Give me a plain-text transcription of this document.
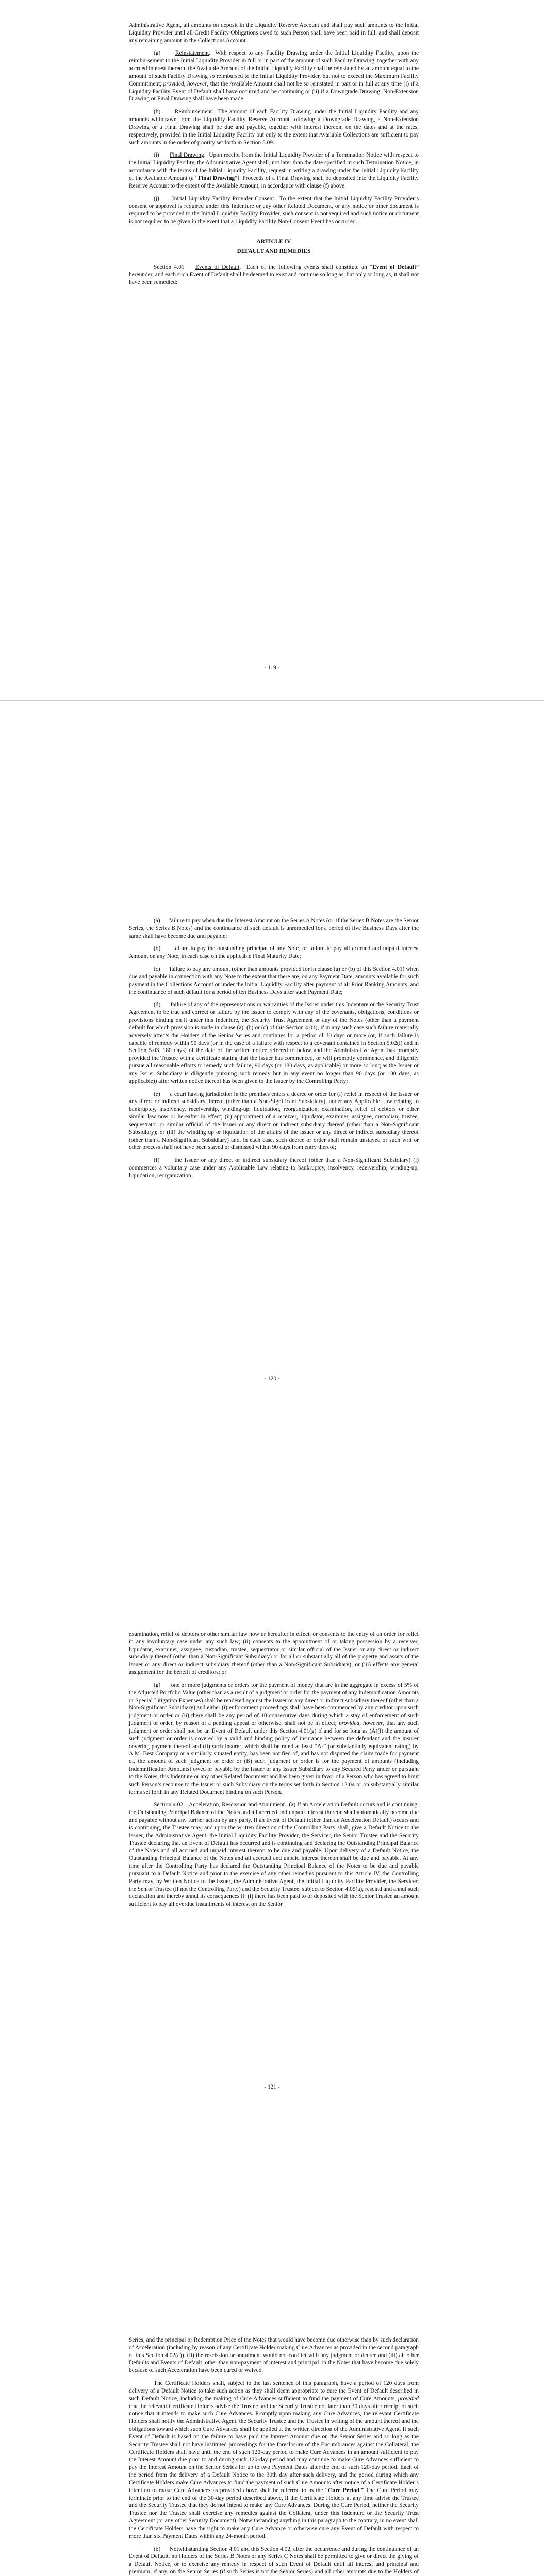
Administrative Agent, all amounts on deposit in the Liquidity Reserve Account and shall pay such amounts to the Initial Liquidity Provider until all Credit Facility Obligations owed to such Person shall have been paid in full, and shall deposit any remaining amount in the Collections Account.

(g)	Reinstatement.  With respect to any Facility Drawing under the Initial Liquidity Facility, upon the reimbursement to the Initial Liquidity Provider in full or in part of the amount of such Facility Drawing, together with any accrued interest thereon, the Available Amount of the Initial Liquidity Facility shall be reinstated by an amount equal to the amount of such Facility Drawing so reimbursed to the Initial Liquidity Provider, but not to exceed the Maximum Facility Commitment; provided, however, that the Available Amount shall not be so reinstated in part or in full at any time (i) if a Liquidity Facility Event of Default shall have occurred and be continuing or (ii) if a Downgrade Drawing, Non-Extension Drawing or Final Drawing shall have been made.

(h) Reimbursement.  The amount of each Facility Drawing under the Initial Liquidity Facility and any amounts withdrawn from the Liquidity Facility Reserve Account following a Downgrade Drawing, a Non-Extension Drawing or a Final Drawing shall be due and payable, together with interest thereon, on the dates and at the rates, respectively, provided in the Initial Liquidity Facility but only to the extent that Available Collections are sufficient to pay such amounts in the order of priority set forth in Section 3.09.

(i) Final Drawing.  Upon receipt from the Initial Liquidity Provider of a Termination Notice with respect to the Initial Liquidity Facility, the Administrative Agent shall, not later than the date specified in such Termination Notice, in accordance with the terms of the Initial Liquidity Facility, request in writing a drawing under the Initial Liquidity Facility of the Available Amount (a “Final Drawing”). Proceeds of a Final Drawing shall be deposited into the Liquidity Facility Reserve Account to the extent of the Available Amount, in accordance with clause (f) above.

(j) Initial Liquidity Facility Provider Consent.  To the extent that the Initial Liquidity Facility Provider’s consent or approval is required under this Indenture or any other Related Document, or any notice or other document is required to be provided to the Initial Liquidity Facility Provider, such consent is not required and such notice or document is not required to be given in the event that a Liquidity Facility Non-Consent Event has occurred.

ARTICLE IV
DEFAULT AND REMEDIES

Section 4.01 Events of Default.  Each of the following events shall constitute an “Event of Default” hereunder, and each such Event of Default shall be deemed to exist and continue so long as, but only so long as, it shall not have been remedied:

- 119 -

(a) failure to pay when due the Interest Amount on the Series A Notes (or, if the Series B Notes are the Senior Series, the Series B Notes) and the continuance of such default is unremedied for a period of five Business Days after the same shall have become due and payable;

(b) failure to pay the outstanding principal of any Note, or failure to pay all accrued and unpaid Interest Amount on any Note, in each case on the applicable Final Maturity Date;

(c) failure to pay any amount (other than amounts provided for in clause (a) or (b) of this Section 4.01) when due and payable in connection with any Note to the extent that there are, on any Payment Date, amounts available for such payment in the Collections Account or under the Initial Liquidity Facility after payment of all Prior Ranking Amounts, and the continuance of such default for a period of ten Business Days after such Payment Date;

(d) failure of any of the representations or warranties of the Issuer under this Indenture or the Security Trust Agreement to be true and correct or failure by the Issuer to comply with any of the covenants, obligations, conditions or provisions binding on it under this Indenture, the Security Trust Agreement or any of the Notes (other than a payment default for which provision is made in clause (a), (b) or (c) of this Section 4.01), if in any such case such failure materially adversely affects the Holders of the Senior Series and continues for a period of 30 days or more (or, if such failure is capable of remedy within 90 days (or in the case of a failure with respect to a covenant contained in Section 5.02(i) and in Section 5.03, 180 days) of the date of the written notice referred to below and the Administrative Agent has promptly provided the Trustee with a certificate stating that the Issuer has commenced, or will promptly commence, and diligently pursue all reasonable efforts to remedy such failure, 90 days (or 180 days, as applicable) or more so long as the Issuer or any Issuer Subsidiary is diligently pursuing such remedy but in any event no longer than 90 days (or 180 days, as applicable)) after written notice thereof has been given to the Issuer by the Controlling Party;

(e) a court having jurisdiction in the premises enters a decree or order for (i) relief in respect of the Issuer or any direct or indirect subsidiary thereof (other than a Non-Significant Subsidiary), under any Applicable Law relating to bankruptcy, insolvency, receivership, winding-up, liquidation, reorganization, examination, relief of debtors or other similar law now or hereafter in effect; (ii) appointment of a receiver, liquidator, examiner, assignee, custodian, trustee, sequestrator or similar official of the Issuer or any direct or indirect subsidiary thereof (other than a Non-Significant Subsidiary); or (iii) the winding up or liquidation of the affairs of the Issuer or any direct or indirect subsidiary thereof (other than a Non-Significant Subsidiary) and, in each case, such decree or order shall remain unstayed or such writ or other process shall not have been stayed or dismissed within 90 days from entry thereof;

(f)	the Issuer or any direct or indirect subsidiary thereof (other than a Non-Significant Subsidiary) (i) commences a voluntary case under any Applicable Law relating to bankruptcy, insolvency, receivership, winding-up, liquidation, reorganization,

- 120 -

examination, relief of debtors or other similar law now or hereafter in effect, or consents to the entry of an order for relief in any involuntary case under any such law; (ii) consents to the appointment of or taking possession by a receiver, liquidator, examiner, assignee, custodian, trustee, sequestrator or similar official of the Issuer or any direct or indirect subsidiary thereof (other than a Non-Significant Subsidiary) or for all or substantially all of the property and assets of the Issuer or any direct or indirect subsidiary thereof (other than a Non-Significant Subsidiary); or (iii) effects any general assignment for the benefit of creditors; or

(g) one or more judgments or orders for the payment of money that are in the aggregate in excess of 5% of the Adjusted Portfolio Value (other than as a result of a judgment or order for the payment of any Indemnification Amounts or Special Litigation Expenses) shall be rendered against the Issuer or any direct or indirect subsidiary thereof (other than a Non-Significant Subsidiary) and either (i) enforcement proceedings shall have been commenced by any creditor upon such judgment or order or (ii) there shall be any period of 10 consecutive days during which a stay of enforcement of such judgment or order, by reason of a pending appeal or otherwise, shall not be in effect; provided, however, that any such judgment or order shall not be an Event of Default under this Section 4.01(g) if and for so long as (A)(i) the amount of such judgment or order is covered by a valid and binding policy of insurance between the defendant and the insurer covering payment thereof and (ii) such insurer, which shall be rated at least “A-” (or substantially equivalent rating) by A.M. Best Company or a similarly situated entity, has been notified of, and has not disputed the claim made for payment of, the amount of such judgment or order or (B) such judgment or order is for the payment of amounts (including Indemnification Amounts) owed or payable by the Issuer or any Issuer Subsidiary to any Secured Party under or pursuant to the Notes, this Indenture or any other Related Document and has been given in favor of a Person who has agreed to limit such Person’s recourse to the Issuer or such Subsidiary on the terms set forth in Section 12.04 or on substantially similar terms set forth in any Related Document binding on such Person.

Section 4.02 Acceleration, Rescission and Annulment.  (a) If an Acceleration Default occurs and is continuing, the Outstanding Principal Balance of the Notes and all accrued and unpaid interest thereon shall automatically become due and payable without any further action by any party. If an Event of Default (other than an Acceleration Default) occurs and is continuing, the Trustee may, and upon the written direction of the Controlling Party shall, give a Default Notice to the Issuer, the Administrative Agent, the Initial Liquidity Facility Provider, the Servicer, the Senior Trustee and the Security Trustee declaring that an Event of Default has occurred and is continuing and declaring the Outstanding Principal Balance of the Notes and all accrued and unpaid interest thereon to be due and payable. Upon delivery of a Default Notice, the Outstanding Principal Balance of the Notes and all accrued and unpaid interest thereon shall be due and payable. At any time after the Controlling Party has declared the Outstanding Principal Balance of the Notes to be due and payable pursuant to a Default Notice and prior to the exercise of any other remedies pursuant to this Article IV, the Controlling Party may, by Written Notice to the Issuer, the Administrative Agent, the Initial Liquidity Facility Provider, the Servicer, the Senior Trustee (if not the Controlling Party) and the Security Trustee, subject to Section 4.05(a), rescind and annul such declaration and thereby annul its consequences if: (i) there has been paid to or deposited with the Senior Trustee an amount sufficient to pay all overdue installments of interest on the Senior

- 121 -

Series, and the principal or Redemption Price of the Notes that would have become due otherwise than by such declaration of Acceleration (including by reason of any Certificate Holder making Cure Advances as provided in the second paragraph of this Section 4.02(a)), (ii) the rescission or annulment would not conflict with any judgment or decree and (iii) all other Defaults and Events of Default, other than non-payment of interest and principal on the Notes that have become due solely because of such Acceleration have been cured or waived.

The Certificate Holders shall, subject to the last sentence of this paragraph, have a period of 120 days from delivery of a Default Notice to take such action as they shall deem appropriate to cure the Event of Default described in such Default Notice, including the making of Cure Advances sufficient to fund the payment of Cure Amounts, provided that the relevant Certificate Holders advise the Trustee and the Security Trustee not later than 30 days after receipt of such notice that it intends to make such Cure Advances. Promptly upon making any Cure Advances, the relevant Certificate Holders shall notify the Administrative Agent, the Security Trustee and the Trustee in writing of the amount thereof and the obligations toward which such Cure Advances shall be applied at the written direction of the Administrative Agent. If such Event of Default is based on the failure to have paid the Interest Amount due on the Senior Series and so long as the Security Trustee shall not have instituted proceedings for the foreclosure of the Encumbrances against the Collateral, the Certificate Holders shall have until the end of such 120-day period to make Cure Advances in an amount sufficient to pay the Interest Amount due prior to and during such 120-day period and may continue to make Cure Advances sufficient to pay the Interest Amount on the Senior Series for up to two Payment Dates after the end of such 120-day period. Each of the period from the delivery of a Default Notice to the 30th day after such delivery, and the period during which any Certificate Holders make Cure Advances to fund the payment of such Cure Amounts after notice of a Certificate Holder’s intention to make Cure Advances as provided above shall be referred to as the “Cure Period.” The Cure Period may terminate prior to the end of the 30-day period described above, if the Certificate Holders at any time advise the Trustee and the Security Trustee that they do not intend to make any Cure Advances. During the Cure Period, neither the Security Trustee nor the Trustee shall exercise any remedies against the Collateral under this Indenture or the Security Trust Agreement (or any other Security Document). Notwithstanding anything in this paragraph to the contrary, in no event shall the Certificate Holders have the right to make any Cure Advance or otherwise cure any Event of Default with respect to more than six Payment Dates within any 24-month period.

(b) Notwithstanding Section 4.01 and this Section 4.02, after the occurrence and during the continuance of an Event of Default, no Holders of the Series B Notes or any Series C Notes shall be permitted to give or direct the giving of a Default Notice, or to exercise any remedy in respect of such Event of Default until all interest and principal and premium, if any, on the Senior Series (if such Series is not the Senior Series) and all other amounts due to the Holders of
